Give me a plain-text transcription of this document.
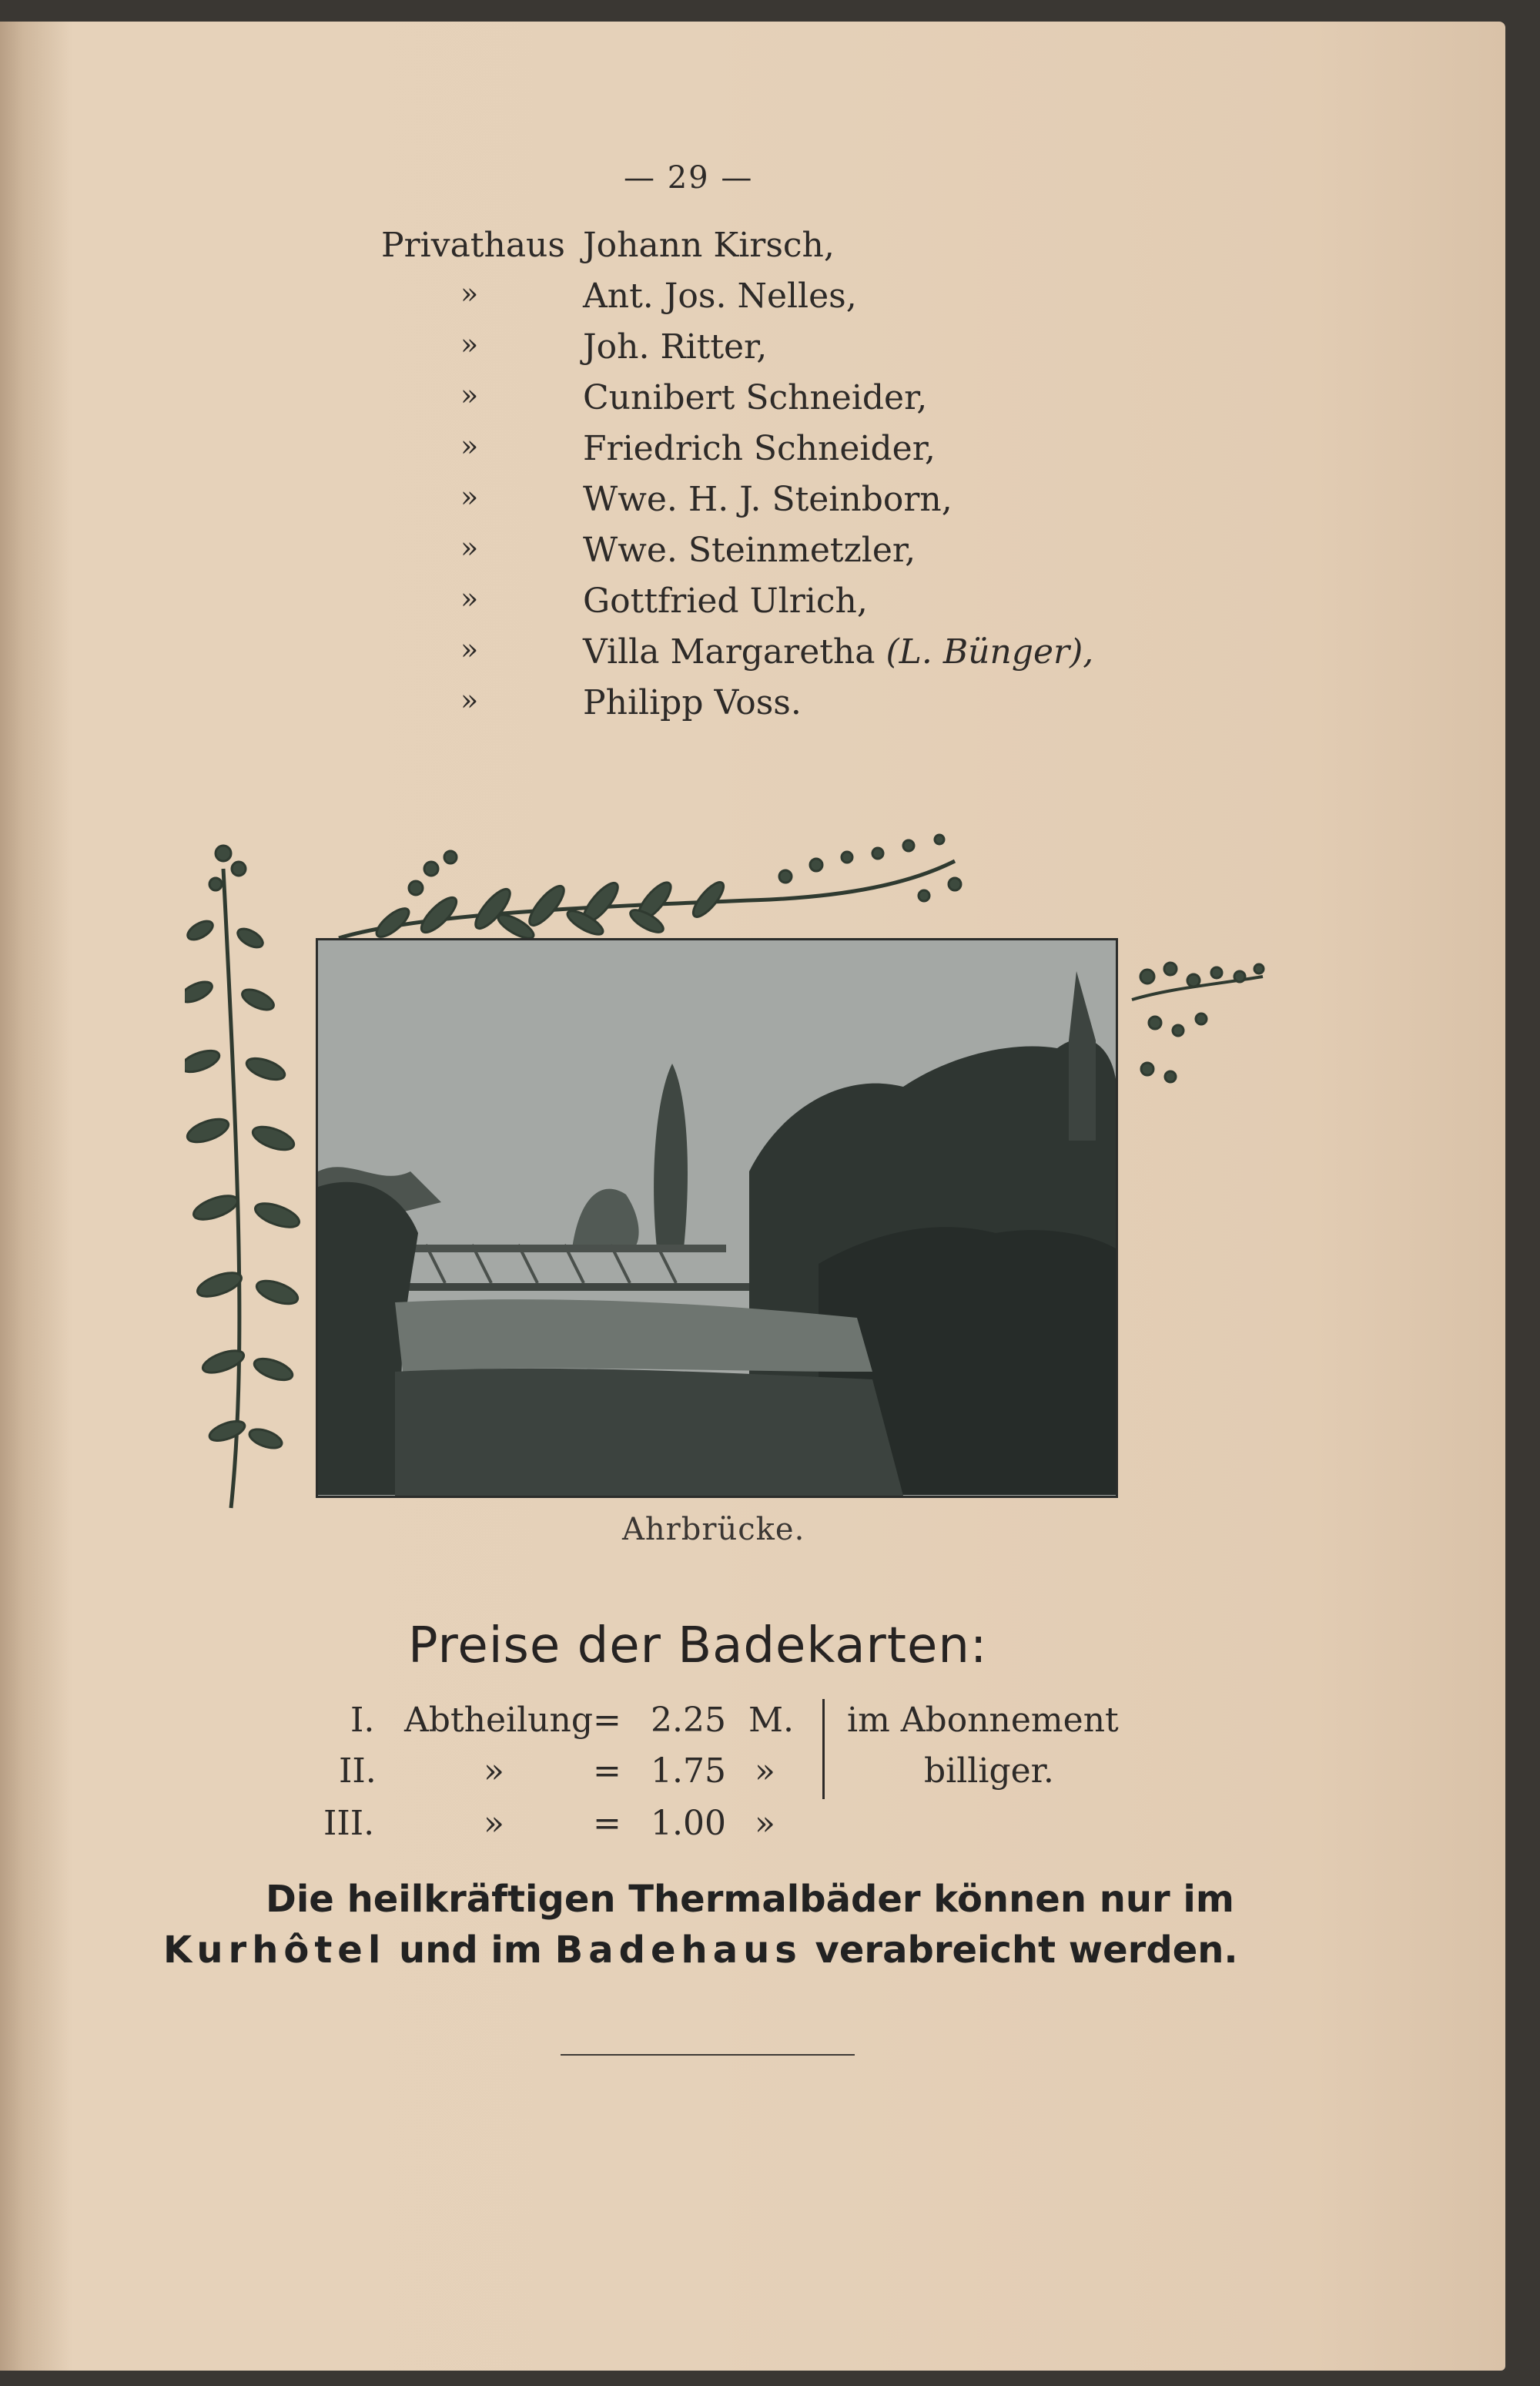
— 29 —
Privathaus Johann Kirsch,
»	Ant. Jos. Nelles,
»	Joh. Ritter,
»	Cunibert Schneider,
»	Friedrich Schneider,
»	Wwe. H. J. Steinborn,
»	Wwe. Steinmetzler,
»	Gottfried Ulrich,
»	Villa Margaretha (L. Bünger),
»	Philipp Voss.
Ahrbrücke.
Preise der Badekarten:
I. Abtheilung = 2.25 M.
II.	»	= 1.75 »
III.	»	= 1.00 »
im Abonnement
billiger.
Die heilkräftigen Thermalbäder können nur im
Kurhôtel und im Badehaus verabreicht werden.
